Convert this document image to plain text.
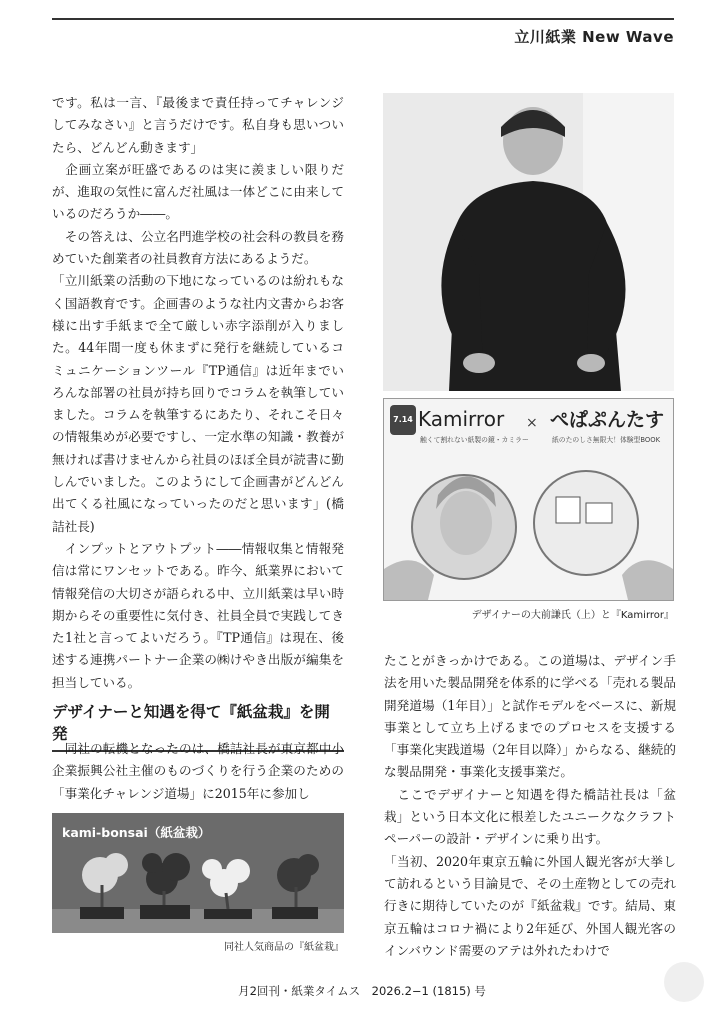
立川紙業 New Wave

です。私は一言、『最後まで責任持ってチャレンジしてみなさい』と言うだけです。私自身も思いついたら、どんどん動きます」

　企画立案が旺盛であるのは実に羨ましい限りだが、進取の気性に富んだ社風は一体どこに由来しているのだろうか――。

　その答えは、公立名門進学校の社会科の教員を務めていた創業者の社員教育方法にあるようだ。

「立川紙業の活動の下地になっているのは紛れもなく国語教育です。企画書のような社内文書からお客様に出す手紙まで全て厳しい赤字添削が入りました。44年間一度も休まずに発行を継続しているコミュニケーションツール『TP通信』は近年までいろんな部署の社員が持ち回りでコラムを執筆していました。コラムを執筆するにあたり、それこそ日々の情報集めが必要ですし、一定水準の知識・教養が無ければ書けませんから社員のほぼ全員が読書に勤しんでいました。このようにして企画書がどんどん出てくる社風になっていったのだと思います」(橋詰社長)

　インプットとアウトプット――情報収集と情報発信は常にワンセットである。昨今、紙業界において情報発信の大切さが語られる中、立川紙業は早い時期からその重要性に気付き、社員全員で実践してきた1社と言ってよいだろう。『TP通信』は現在、後述する連携パートナー企業の㈱けやき出版が編集を担当している。

デザイナーと知遇を得て『紙盆栽』を開発

　同社の転機となったのは、橋詰社長が東京都中小企業振興公社主催のものづくりを行う企業のための「事業化チャレンジ道場」に2015年に参加し

kami-bonsai（紙盆栽）
同社人気商品の『紙盆栽』
7.14 Kamirror
触くて割れない紙製の鏡・カミラー
× ぺぱぷんたす
紙のたのしさ無限大！体験型BOOK
デザイナーの大前謙氏（上）と『Kamirror』

たことがきっかけである。この道場は、デザイン手法を用いた製品開発を体系的に学べる「売れる製品開発道場（1年目）」と試作モデルをベースに、新規事業として立ち上げるまでのプロセスを支援する「事業化実践道場（2年目以降）」からなる、継続的な製品開発・事業化支援事業だ。

　ここでデザイナーと知遇を得た橋詰社長は「盆栽」という日本文化に根差したユニークなクラフトペーパーの設計・デザインに乗り出す。

「当初、2020年東京五輪に外国人観光客が大挙して訪れるという目論見で、その土産物としての売れ行きに期待していたのが『紙盆栽』です。結局、東京五輪はコロナ禍により2年延び、外国人観光客のインバウンド需要のアテは外れたわけで

月2回刊・紙業タイムス　2026.2−1 (1815) 号
